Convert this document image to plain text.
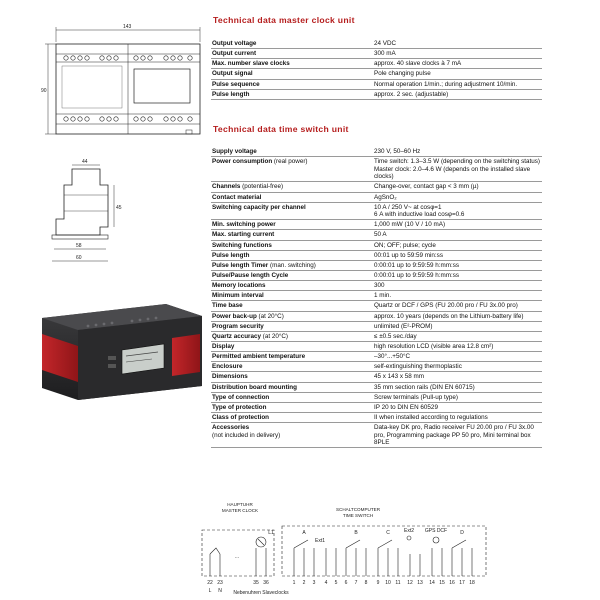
143
90
44
45
58
60
Technical data master clock unit
Output voltage	24 VDC
Output current	300 mA
Max. number slave clocks	approx. 40 slave clocks à 7 mA
Output signal	Pole changing pulse
Pulse sequence	Normal operation 1/min.; during adjustment 10/min.
Pulse length	approx. 2 sec. (adjustable)
Technical data time switch unit
Supply voltage	230 V, 50–60 Hz
Power consumption (real power)	Time switch: 1.3–3.5 W (depending on the switching status)
Master clock: 2.0–4.6 W (depends on the installed slave clocks)
Channels (potential-free)	Change-over, contact gap < 3 mm (µ)
Contact material	AgSnO₂
Switching capacity per channel	10 A / 250 V~ at cosφ=1
6 A with inductive load cosφ=0.6
Min. switching power	1,000 mW (10 V / 10 mA)
Max. starting current	50 A
Switching functions	ON; OFF; pulse; cycle
Pulse length	00:01 up to 59:59 min:ss
Pulse length Timer (man. switching)	0:00:01 up to 9:59:59 h:mm:ss
Pulse/Pause length Cycle	0:00:01 up to 9:59:59 h:mm:ss
Memory locations	300
Minimum interval	1 min.
Time base	Quartz or DCF / GPS (FU 20.00 pro / FU 3x.00 pro)
Power back-up (at 20°C)	approx. 10 years (depends on the Lithium-battery life)
Program security	unlimited (E²-PROM)
Quartz accuracy (at 20°C)	≤ ±0.5 sec./day
Display	high resolution LCD (visible area 12.8 cm²)
Permitted ambient temperature	–30°...+50°C
Enclosure	self-extinguishing thermoplastic
Dimensions	45 x 143 x 58 mm
Distribution board mounting	35 mm section rails (DIN EN 60715)
Type of connection	Screw terminals (Pull-up type)
Type of protection	IP 20 to DIN EN 60529
Class of protection	II when installed according to regulations
Accessories
(not included in delivery)	Data-key DK pro, Radio receiver FU 20.00 pro / FU 3x.00 pro, Programming package PP 50 pro, Mini terminal box 8PLE
HAUPTUHR
MASTER CLOCK	SCHALTCOMPUTER
TIME SWITCH
22 23	35 36
L N
...
L1
1 2 3 4 5 6 7 8 9 10 11 12 13 14 15 16 17 18
A	B	C	D
GPS DCF
Ext1
Ext2
Nebenuhren Slaveclocks
